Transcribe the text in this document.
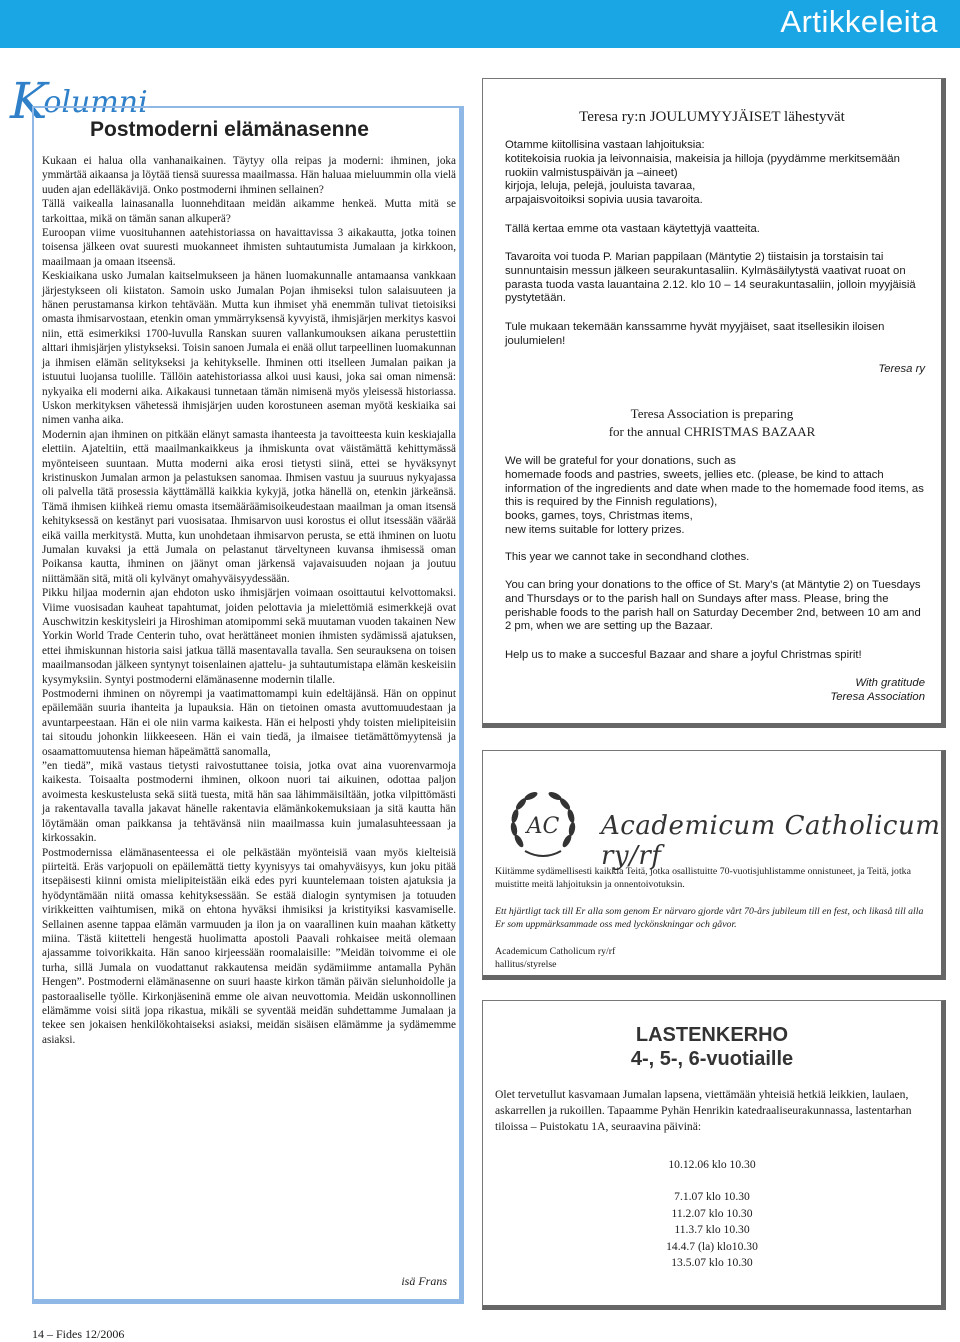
Artikkeleita
Kolumni
Postmoderni elämänasenne

Kukaan ei halua olla vanhanaikainen. Täytyy olla reipas ja moderni: ihminen, joka ymmärtää aikaansa ja löytää tiensä suuressa maailmassa. Hän haluaa mieluummin olla vielä uuden ajan edelläkävijä. Onko postmoderni ihminen sellainen?

Tällä vaikealla lainasanalla luonnehditaan meidän aikamme henkeä. Mutta mitä se tarkoittaa, mikä on tämän sanan alkuperä?

Euroopan viime vuosituhannen aatehistoriassa on havaittavissa 3 aikakautta, jotka toinen toisensa jälkeen ovat suuresti muokanneet ihmisten suhtautumista Jumalaan ja kirkkoon, maailmaan ja omaan itseensä.

Keskiaikana usko Jumalan kaitselmukseen ja hänen luomakunnalle antamaansa vankkaan järjestykseen oli kiistaton. Samoin usko Jumalan Pojan ihmiseksi tulon salaisuuteen ja hänen perustamansa kirkon tehtävään. Mutta kun ihmiset yhä enemmän tulivat tietoisiksi omasta ihmisarvostaan, etenkin oman ymmärryksensä kyvyistä, ihmisjärjen merkitys kasvoi niin, että esimerkiksi 1700-luvulla Ranskan suuren vallankumouksen aikana perustettiin alttari ihmisjärjen ylistykseksi. Toisin sanoen Jumala ei enää ollut tarpeellinen luomakunnan ja ihmisen elämän selitykseksi ja kehitykselle. Ihminen otti itselleen Jumalan paikan ja istuutui luojansa tuolille. Tällöin aatehistoriassa alkoi uusi kausi, joka sai oman nimensä: nykyaika eli moderni aika. Aikakausi tunnetaan tämän nimisenä myös yleisessä historiassa. Uskon merkityksen vähetessä ihmisjärjen uuden korostuneen aseman myötä keskiaika sai nimen vanha aika.

Modernin ajan ihminen on pitkään elänyt samasta ihanteesta ja tavoitteesta kuin keskiajalla elettiin. Ajateltiin, että maailmankaikkeus ja ihmiskunta ovat väistämättä kehittymässä myönteiseen suuntaan. Mutta moderni aika erosi tietysti siinä, ettei se hyväksynyt kristinuskon Jumalan armon ja pelastuksen sanomaa. Ihmisen vastuu ja suuruus nykyajassa oli palvella tätä prosessia käyttämällä kaikkia kykyjä, jotka hänellä on, etenkin järkeänsä. Tämä ihmisen kiihkeä riemu omasta itsemääräämisoikeudestaan maailman ja oman itsensä kehityksessä on kestänyt pari vuosisataa. Ihmisarvon uusi korostus ei ollut itsessään väärää eikä vailla merkitystä. Mutta, kun unohdetaan ihmisarvon perusta, se että ihminen on luotu Jumalan kuvaksi ja että Jumala on pelastanut tärveltyneen kuvansa ihmisessä oman Poikansa kautta, ihminen on jäänyt oman järkensä vajavaisuuden nojaan ja joutuu niittämään sitä, mitä oli kylvänyt omahyväisyydessään.

Pikku hiljaa modernin ajan ehdoton usko ihmisjärjen voimaan osoittautui kelvottomaksi. Viime vuosisadan kauheat tapahtumat, joiden pelottavia ja mielettömiä esimerkkejä ovat Auschwitzin keskitysleiri ja Hiroshiman atomipommi sekä muutaman vuoden takainen New Yorkin World Trade Centerin tuho, ovat herättäneet monien ihmisten sydämissä ajatuksen, ettei ihmiskunnan historia saisi jatkua tällä masentavalla tavalla. Sen seurauksena on toisen maailmansodan jälkeen syntynyt toisenlainen ajattelu- ja suhtautumistapa elämän keskeisiin kysymyksiin. Syntyi postmoderni elämänasenne modernin tilalle.

Postmoderni ihminen on nöyrempi ja vaatimattomampi kuin edeltäjänsä. Hän on oppinut epäilemään suuria ihanteita ja lupauksia. Hän on tietoinen omasta avuttomuudestaan ja avuntarpeestaan. Hän ei ole niin varma kaikesta. Hän ei helposti yhdy toisten mielipiteisiin tai sitoudu johonkin liikkeeseen. Hän ei vain tiedä, ja ilmaisee tietämättömyytensä ja osaamattomuutensa hieman häpeämättä sanomalla,

”en tiedä”, mikä vastaus tietysti raivostuttanee toisia, jotka ovat aina vuorenvarmoja kaikesta. Toisaalta postmoderni ihminen, olkoon nuori tai aikuinen, odottaa paljon avoimesta keskustelusta sekä siitä tuesta, mitä hän saa lähimmäisiltään, jotka vilpittömästi ja rakentavalla tavalla jakavat hänelle rakentavia elämänkokemuksiaan ja sitä kautta hän löytämään oman paikkansa ja tehtävänsä niin maailmassa kuin jumalasuhteessaan ja kirkossakin.

Postmodernissa elämänasenteessa ei ole pelkästään myönteisiä vaan myös kielteisiä piirteitä. Eräs varjopuoli on epäilemättä tietty kyynisyys tai omahyväisyys, kun joku pitää itsepäisesti kiinni omista mielipiteistään eikä edes pyri kuuntelemaan toisten ajatuksia ja hyödyntämään niitä omassa kehityksessään. Se estää dialogin syntymisen ja totuuden virikkeitten vaihtumisen, mikä on ehtona hyväksi ihmisiksi ja kristityiksi kasvamiselle. Sellainen asenne tappaa elämän varmuuden ja ilon ja on vaarallinen kuin maahan kätketty miina. Tästä kiitetteli hengestä huolimatta apostoli Paavali rohkaisee meitä olemaan ajassamme toivorikkaita. Hän sanoo kirjeessään roomalaisille: ”Meidän toivomme ei ole turha, sillä Jumala on vuodattanut rakkautensa meidän sydämiimme antamalla Pyhän Hengen”. Postmoderni elämänasenne on suuri haaste kirkon tämän päivän sielunhoidolle ja pastoraaliselle työlle. Kirkonjäseninä emme ole aivan neuvottomia. Meidän uskonnollinen elämämme voisi siitä jopa rikastua, mikäli se syventää meidän suhdettamme Jumalaan ja tekee sen jokaisen henkilökohtaiseksi asiaksi, meidän sisäisen elämämme ja sydämemme asiaksi.

isä Frans
14 – Fides 12/2006
Teresa ry:n JOULUMYYJÄISET lähestyvät
Otamme kiitollisina vastaan lahjoituksia:
kotitekoisia ruokia ja leivonnaisia, makeisia ja hilloja (pyydämme merkitsemään ruokiin valmistuspäivän ja –aineet)
kirjoja, leluja, pelejä, jouluista tavaraa,
arpajaisvoitoiksi sopivia uusia tavaroita.

Tällä kertaa emme ota vastaan käytettyjä vaatteita.

Tavaroita voi tuoda P. Marian pappilaan (Mäntytie 2) tiistaisin ja torstaisin tai sunnuntaisin messun jälkeen seurakuntasaliin. Kylmäsäilytystä vaativat ruoat on parasta tuoda vasta lauantaina 2.12. klo 10 – 14 seurakuntasaliin, jolloin myyjäisiä pystytetään.

Tule mukaan tekemään kanssamme hyvät myyjäiset, saat itsellesikin iloisen joulumielen!

Teresa ry

Teresa Association is preparing
for the annual CHRISTMAS BAZAAR
We will be grateful for your donations, such as
homemade foods and pastries, sweets, jellies etc. (please, be kind to attach information of the ingredients and date when made to the homemade food items, as this is required by the Finnish regulations),
books, games, toys, Christmas items,
new items suitable for lottery prizes.

This year we cannot take in secondhand clothes.

You can bring your donations to the office of St. Mary’s (at Mäntytie 2) on Tuesdays and Thursdays or to the parish hall on Sundays after mass. Please, bring the perishable foods to the parish hall on Saturday December 2nd, between 10 am and 2 pm, when we are setting up the Bazaar.

Help us to make a succesful Bazaar and share a joyful Christmas spirit!

With gratitude
Teresa Association
AC Academicum Catholicum ry/rf

Kiitämme sydämellisesti kaikkia Teitä, jotka osallistuitte 70-vuotisjuhlistamme onnistuneet, ja Teitä, jotka muistitte meitä lahjoituksin ja onnentoivotuksin.

Ett hjärtligt tack till Er alla som genom Er närvaro gjorde vårt 70-års jubileum till en fest, och likaså till alla Er som uppmärksammade oss med lyckönskningar och gåvor.

Academicum Catholicum ry/rf
hallitus/styrelse
LASTENKERHO
4-, 5-, 6-vuotiaille

Olet tervetullut kasvamaan Jumalan lapsena, viettämään yhteisiä hetkiä leikkien, laulaen, askarrellen ja rukoillen. Tapaamme Pyhän Henrikin katedraaliseurakunnassa, lastentarhan tiloissa – Puistokatu 1A, seuraavina päivinä:

10.12.06 klo 10.30
7.1.07 klo 10.30
11.2.07 klo 10.30
11.3.7 klo 10.30
14.4.7 (la) klo10.30
13.5.07 klo 10.30
